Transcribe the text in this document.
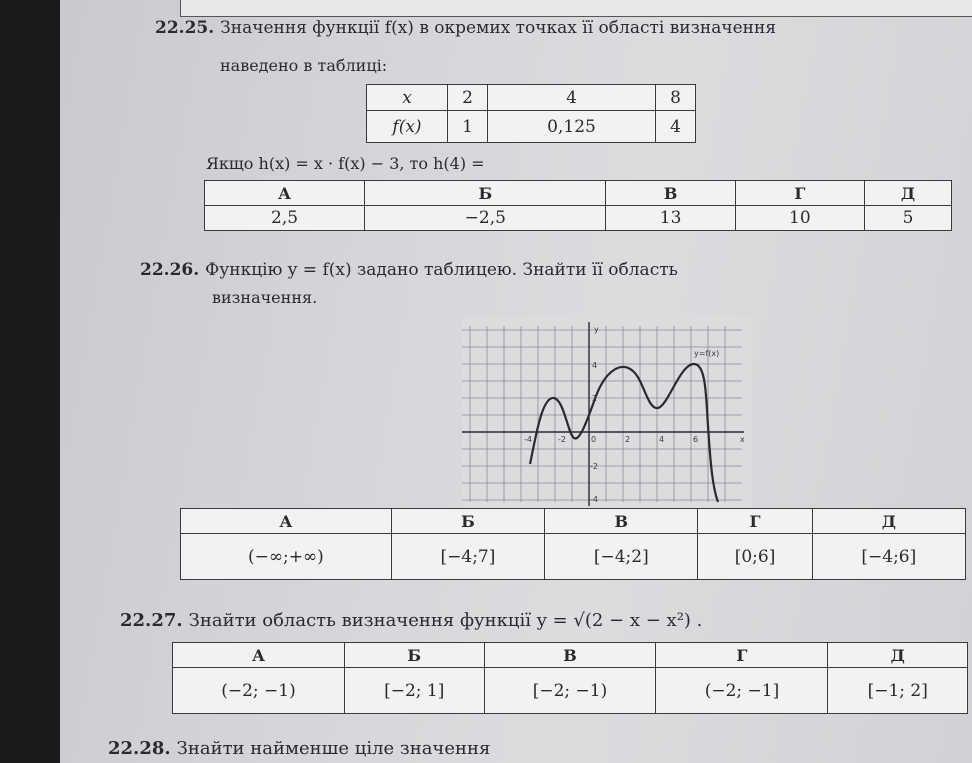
22.25. Значення функції f(x) в окремих точках її області визначення
наведено в таблиці:
x	2	4	8
f(x)	1	0,125	4
Якщо h(x) = x · f(x) − 3, то h(4) =
А	Б	В	Г	Д
2,5	−2,5	13	10	5
22.26. Функцію y = f(x) задано таблицею. Знайти її область
визначення.
y=f(x)
y
x
-4	-2	0	2	4	6
4
2
-2
-4
А	Б	В	Г	Д
(−∞;+∞)	[−4;7]	[−4;2]	[0;6]	[−4;6]
22.27. Знайти область визначення функції y = √(2 − x − x²) .
А	Б	В	Г	Д
(−2; −1)	[−2; 1]	[−2; −1)	(−2; −1]	[−1; 2]
22.28. Знайти найменше ціле значення
